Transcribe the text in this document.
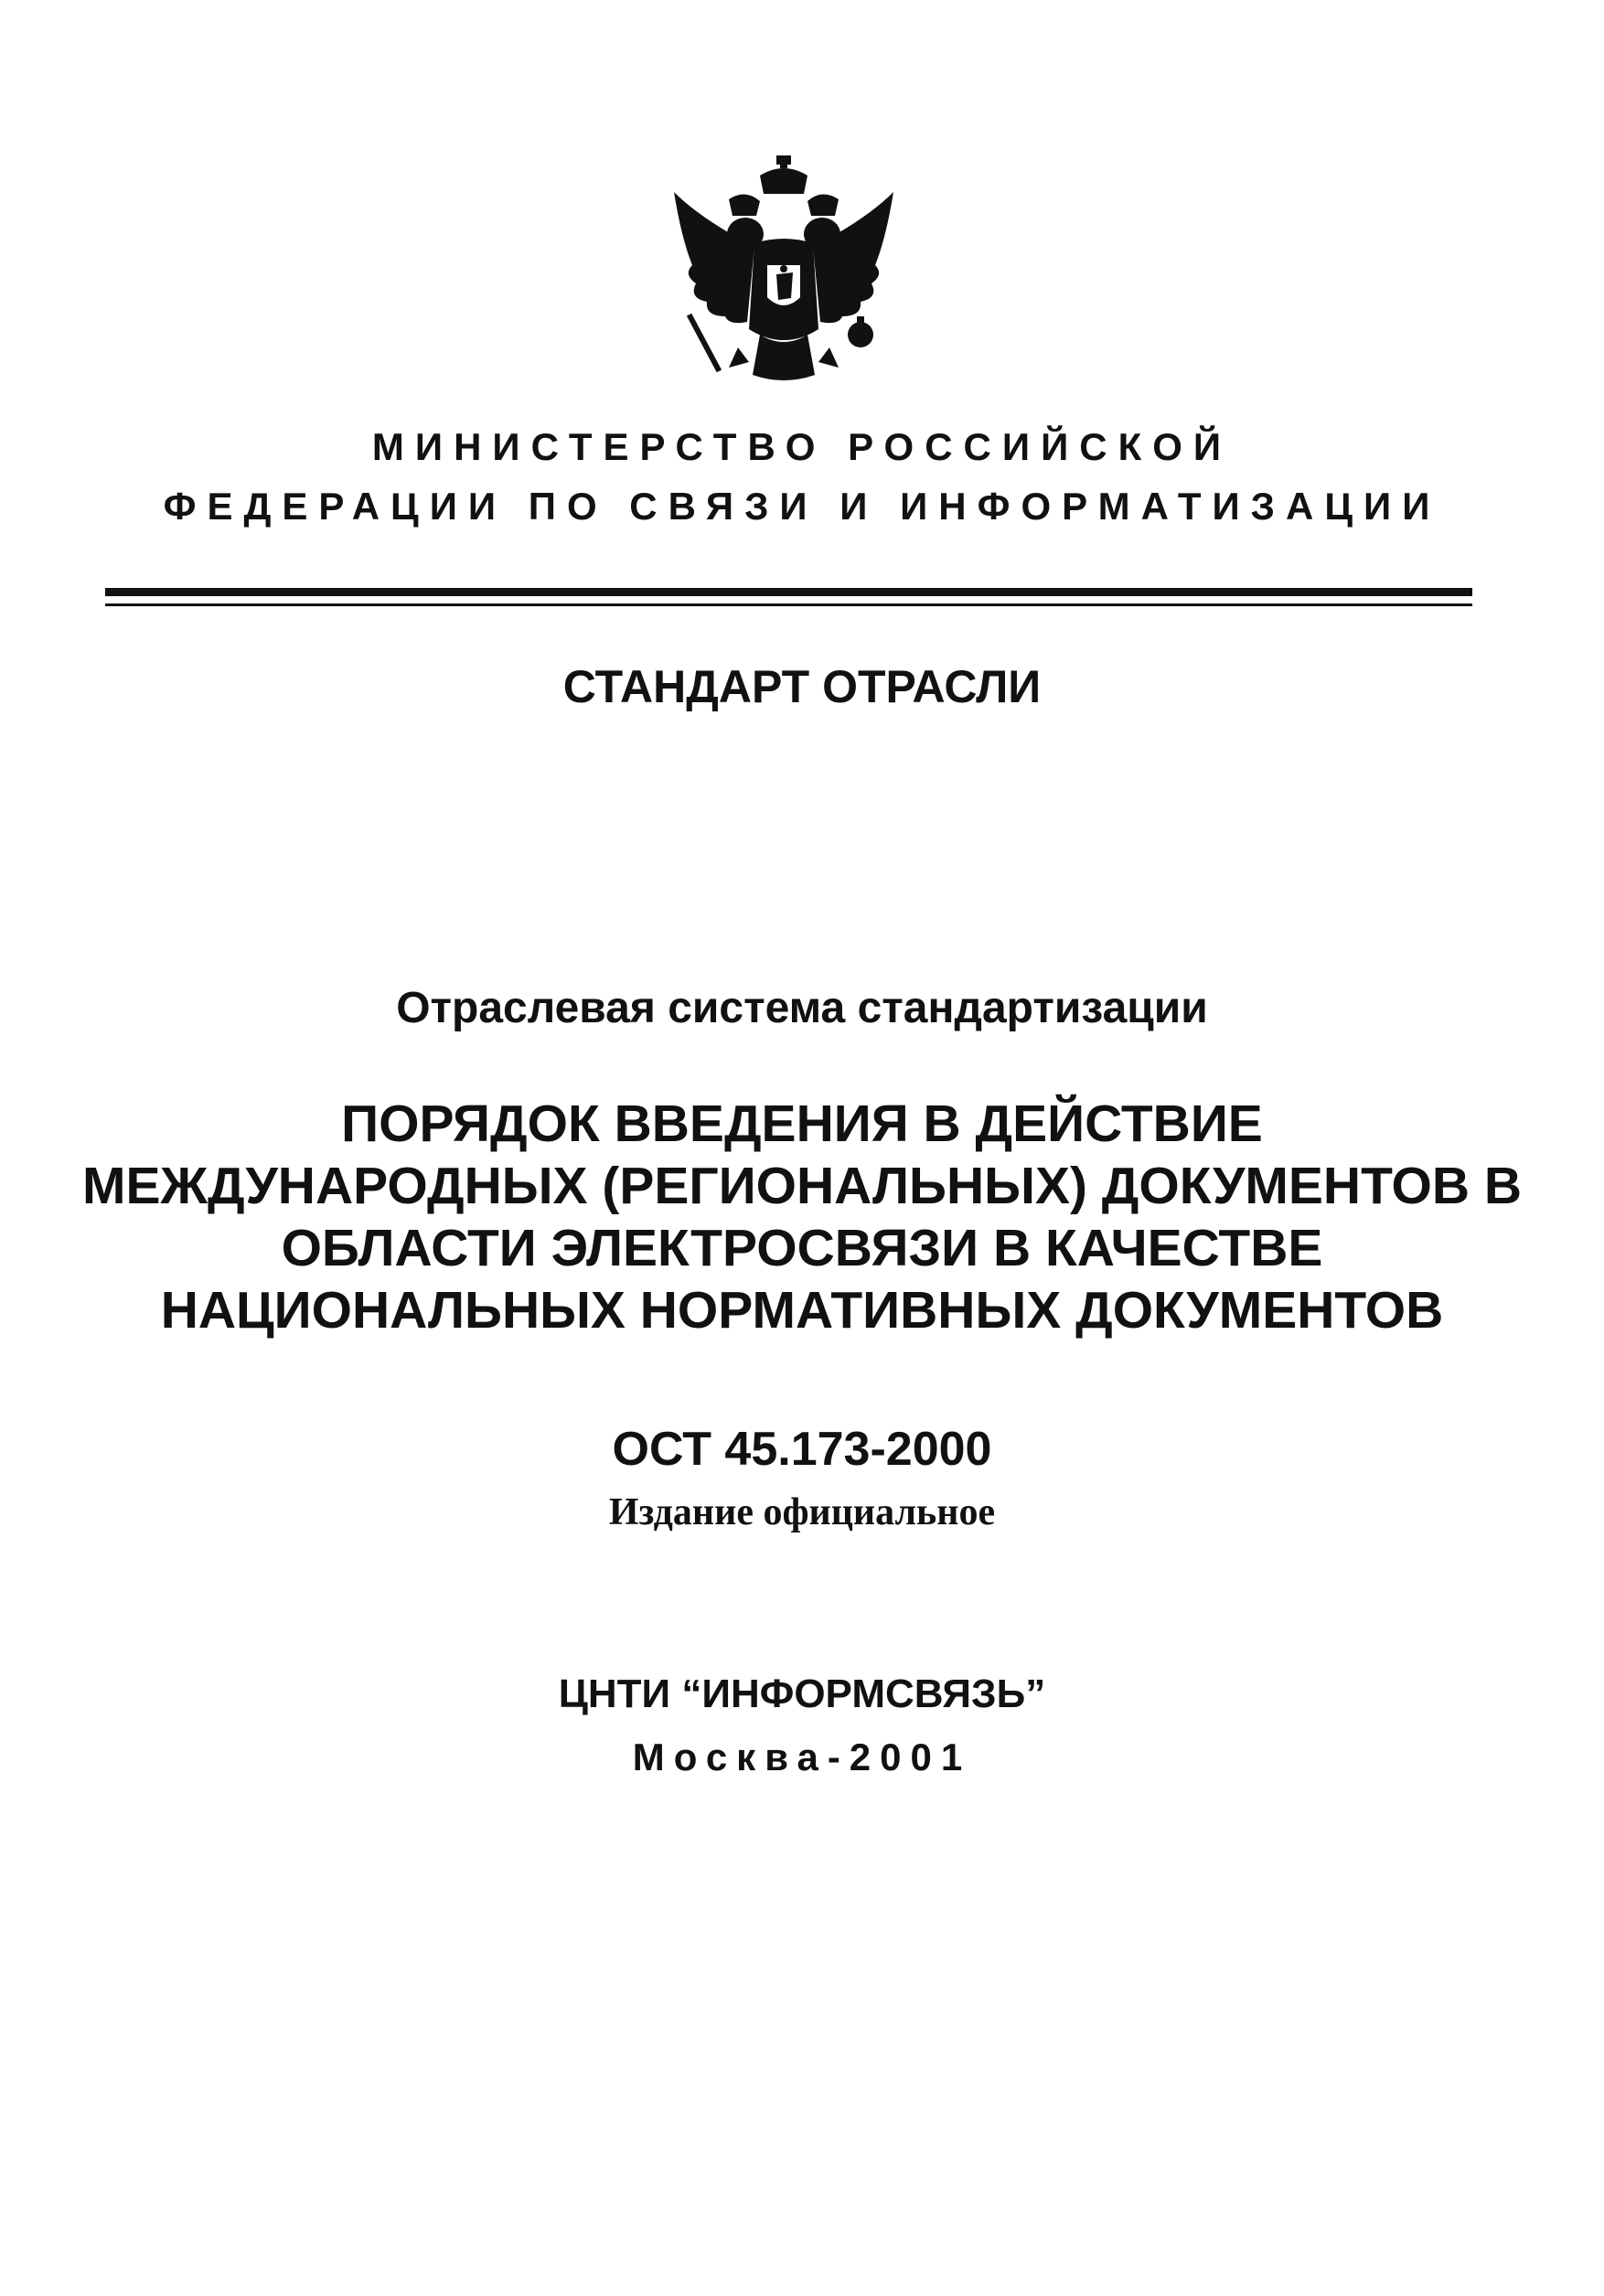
МИНИСТЕРСТВО РОССИЙСКОЙ
ФЕДЕРАЦИИ ПО СВЯЗИ И ИНФОРМАТИЗАЦИИ
СТАНДАРТ ОТРАСЛИ
Отраслевая система стандартизации
ПОРЯДОК ВВЕДЕНИЯ В ДЕЙСТВИЕ
МЕЖДУНАРОДНЫХ (РЕГИОНАЛЬНЫХ) ДОКУМЕНТОВ В
ОБЛАСТИ ЭЛЕКТРОСВЯЗИ В КАЧЕСТВЕ
НАЦИОНАЛЬНЫХ НОРМАТИВНЫХ ДОКУМЕНТОВ
ОСТ 45.173-2000
Издание официальное
ЦНТИ “ИНФОРМСВЯЗЬ”
Москва-2001
